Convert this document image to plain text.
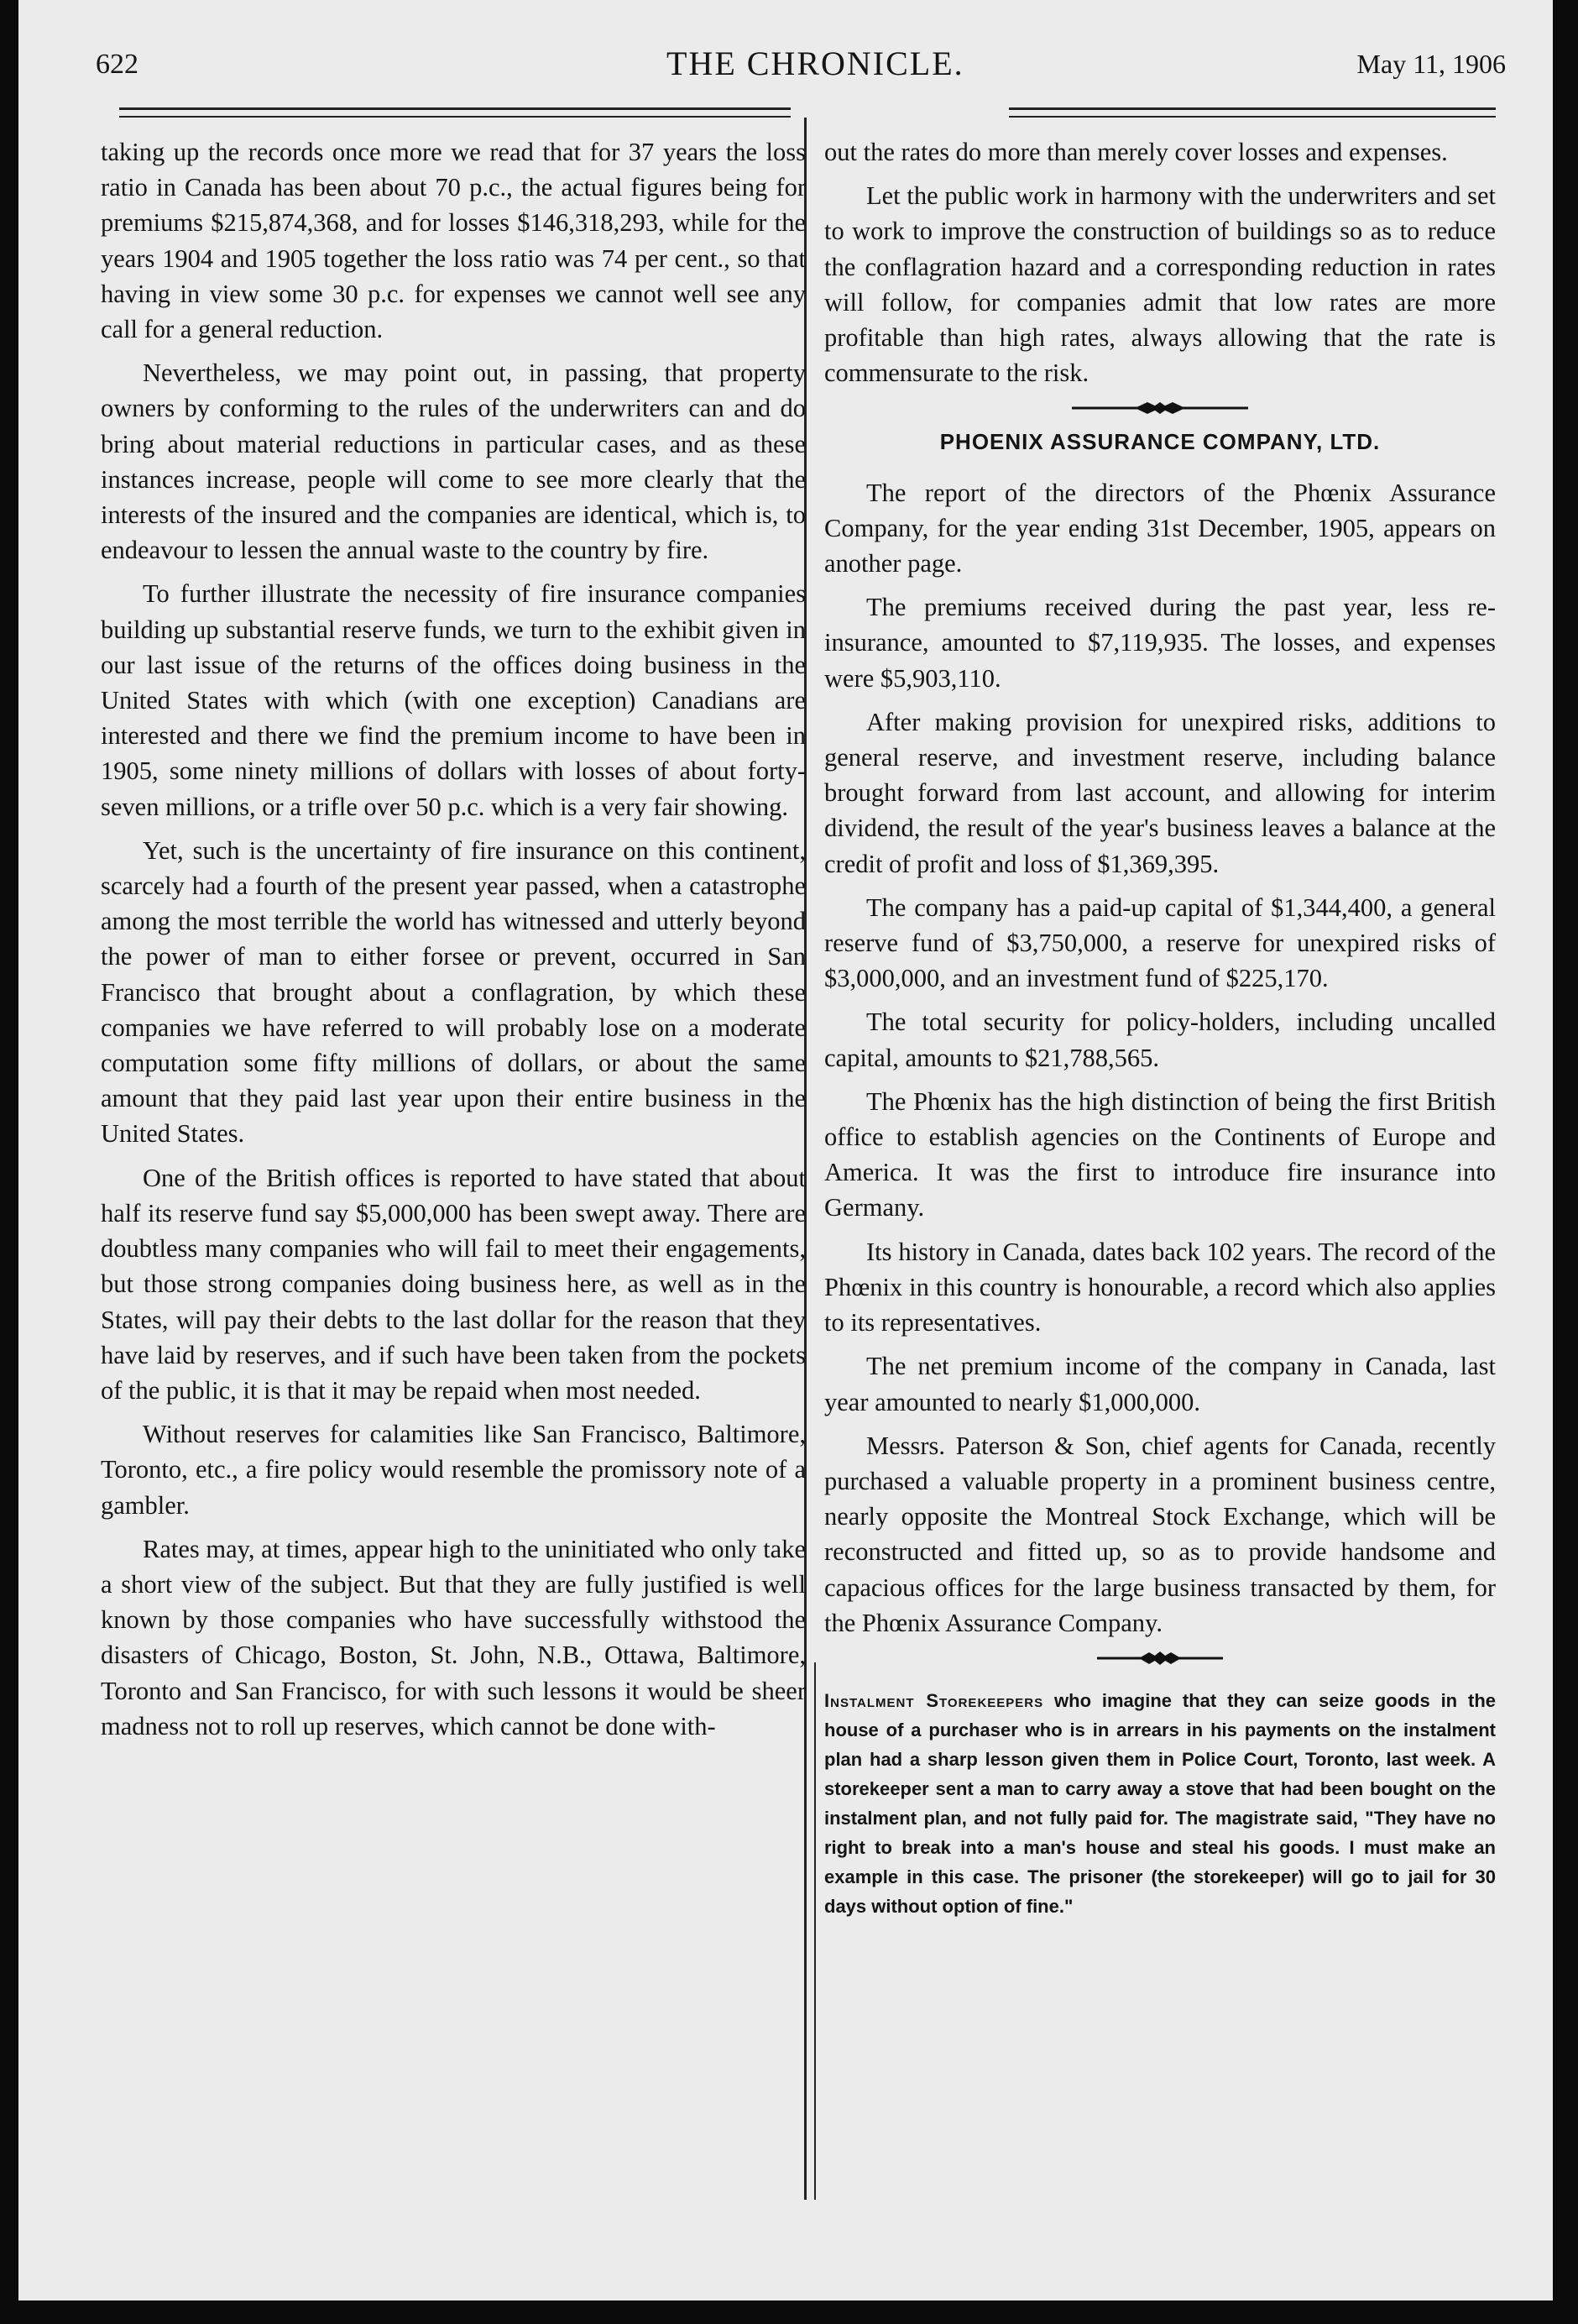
622	THE CHRONICLE.	May 11, 1906

taking up the records once more we read that for 37 years the loss ratio in Canada has been about 70 p.c., the actual figures being for premiums $215,874,368, and for losses $146,318,293, while for the years 1904 and 1905 together the loss ratio was 74 per cent., so that having in view some 30 p.c. for expenses we cannot well see any call for a general reduction.

Nevertheless, we may point out, in passing, that property owners by conforming to the rules of the underwriters can and do bring about material reductions in particular cases, and as these instances increase, people will come to see more clearly that the interests of the insured and the companies are identical, which is, to endeavour to lessen the annual waste to the country by fire.

To further illustrate the necessity of fire insurance companies building up substantial reserve funds, we turn to the exhibit given in our last issue of the returns of the offices doing business in the United States with which (with one exception) Canadians are interested and there we find the premium income to have been in 1905, some ninety millions of dollars with losses of about forty-seven millions, or a trifle over 50 p.c. which is a very fair showing.

Yet, such is the uncertainty of fire insurance on this continent, scarcely had a fourth of the present year passed, when a catastrophe among the most terrible the world has witnessed and utterly beyond the power of man to either forsee or prevent, occurred in San Francisco that brought about a conflagration, by which these companies we have referred to will probably lose on a moderate computation some fifty millions of dollars, or about the same amount that they paid last year upon their entire business in the United States.

One of the British offices is reported to have stated that about half its reserve fund say $5,000,000 has been swept away. There are doubtless many companies who will fail to meet their engagements, but those strong companies doing business here, as well as in the States, will pay their debts to the last dollar for the reason that they have laid by reserves, and if such have been taken from the pockets of the public, it is that it may be repaid when most needed.

Without reserves for calamities like San Francisco, Baltimore, Toronto, etc., a fire policy would resemble the promissory note of a gambler.

Rates may, at times, appear high to the uninitiated who only take a short view of the subject. But that they are fully justified is well known by those companies who have successfully withstood the disasters of Chicago, Boston, St. John, N.B., Ottawa, Baltimore, Toronto and San Francisco, for with such lessons it would be sheer madness not to roll up reserves, which cannot be done with-

out the rates do more than merely cover losses and expenses.

Let the public work in harmony with the underwriters and set to work to improve the construction of buildings so as to reduce the conflagration hazard and a corresponding reduction in rates will follow, for companies admit that low rates are more profitable than high rates, always allowing that the rate is commensurate to the risk.

PHOENIX ASSURANCE COMPANY, LTD.

The report of the directors of the Phœnix Assurance Company, for the year ending 31st December, 1905, appears on another page.

The premiums received during the past year, less re-insurance, amounted to $7,119,935. The losses, and expenses were $5,903,110.

After making provision for unexpired risks, additions to general reserve, and investment reserve, including balance brought forward from last account, and allowing for interim dividend, the result of the year's business leaves a balance at the credit of profit and loss of $1,369,395.

The company has a paid-up capital of $1,344,400, a general reserve fund of $3,750,000, a reserve for unexpired risks of $3,000,000, and an investment fund of $225,170.

The total security for policy-holders, including uncalled capital, amounts to $21,788,565.

The Phœnix has the high distinction of being the first British office to establish agencies on the Continents of Europe and America. It was the first to introduce fire insurance into Germany.

Its history in Canada, dates back 102 years. The record of the Phœnix in this country is honourable, a record which also applies to its representatives.

The net premium income of the company in Canada, last year amounted to nearly $1,000,000.

Messrs. Paterson & Son, chief agents for Canada, recently purchased a valuable property in a prominent business centre, nearly opposite the Montreal Stock Exchange, which will be reconstructed and fitted up, so as to provide handsome and capacious offices for the large business transacted by them, for the Phœnix Assurance Company.

Instalment Storekeepers who imagine that they can seize goods in the house of a purchaser who is in arrears in his payments on the instalment plan had a sharp lesson given them in Police Court, Toronto, last week. A storekeeper sent a man to carry away a stove that had been bought on the instalment plan, and not fully paid for. The magistrate said, "They have no right to break into a man's house and steal his goods. I must make an example in this case. The prisoner (the storekeeper) will go to jail for 30 days without option of fine."
